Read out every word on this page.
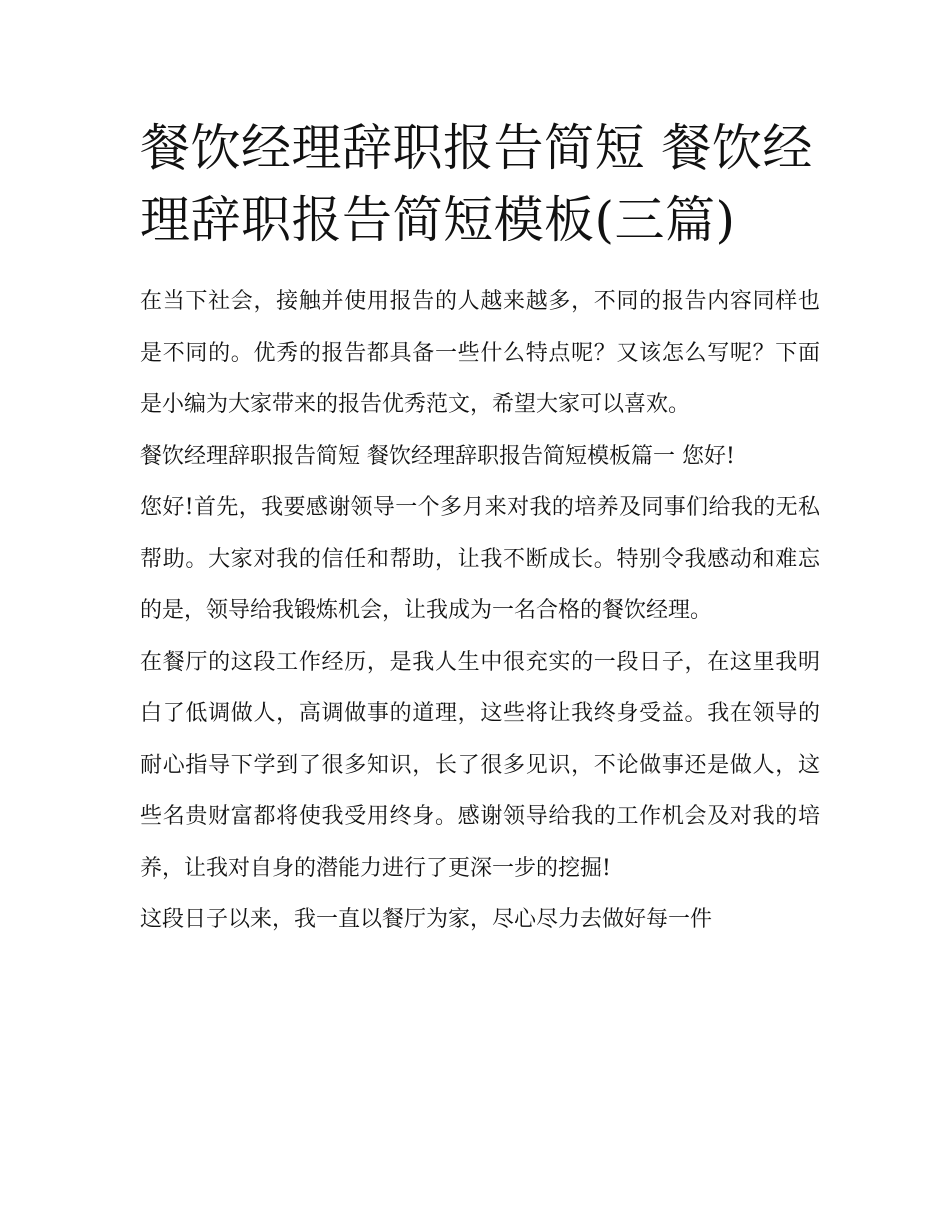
餐饮经理辞职报告简短 餐饮经理辞职报告简短模板(三篇)

在当下社会，接触并使用报告的人越来越多，不同的报告内容同样也是不同的。优秀的报告都具备一些什么特点呢？又该怎么写呢？下面是小编为大家带来的报告优秀范文，希望大家可以喜欢。

餐饮经理辞职报告简短 餐饮经理辞职报告简短模板篇一 您好!

您好!首先，我要感谢领导一个多月来对我的培养及同事们给我的无私帮助。大家对我的信任和帮助，让我不断成长。特别令我感动和难忘的是，领导给我锻炼机会，让我成为一名合格的餐饮经理。

在餐厅的这段工作经历，是我人生中很充实的一段日子，在这里我明白了低调做人，高调做事的道理，这些将让我终身受益。我在领导的耐心指导下学到了很多知识，长了很多见识，不论做事还是做人，这些名贵财富都将使我受用终身。感谢领导给我的工作机会及对我的培养，让我对自身的潜能力进行了更深一步的挖掘!

这段日子以来，我一直以餐厅为家，尽心尽力去做好每一件
